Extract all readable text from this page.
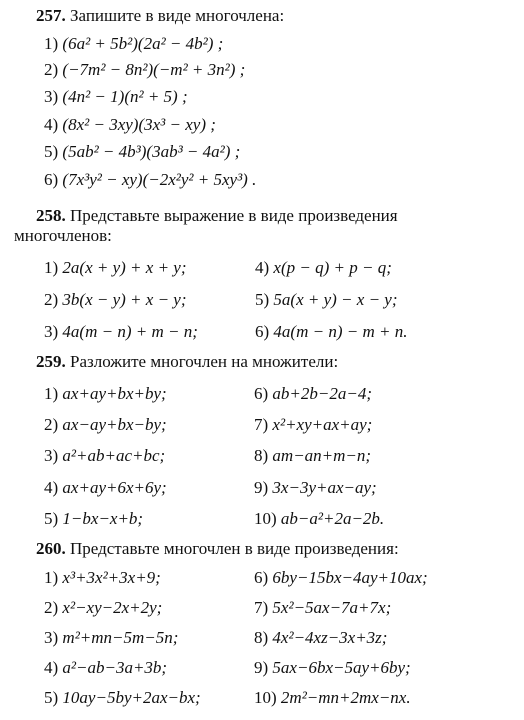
257. Запишите в виде многочлена:
1) (6a² + 5b²)(2a² − 4b²) ;
2) (−7m² − 8n²)(−m² + 3n²) ;
3) (4n² − 1)(n² + 5) ;
4) (8x² − 3xy)(3x³ − xy) ;
5) (5ab² − 4b³)(3ab³ − 4a²) ;
6) (7x³y² − xy)(−2x²y² + 5xy³) .
258. Представьте выражение в виде произведения
многочленов:
1) 2a(x + y) + x + y;	4) x(p − q) + p − q;
2) 3b(x − y) + x − y;	5) 5a(x + y) − x − y;
3) 4a(m − n) + m − n;	6) 4a(m − n) − m + n.
259. Разложите многочлен на множители:
1) ax+ay+bx+by;	6) ab+2b−2a−4;
2) ax−ay+bx−by;	7) x²+xy+ax+ay;
3) a²+ab+ac+bc;	8) am−an+m−n;
4) ax+ay+6x+6y;	9) 3x−3y+ax−ay;
5) 1−bx−x+b;	10) ab−a²+2a−2b.
260. Представьте многочлен в виде произведения:
1) x³+3x²+3x+9;	6) 6by−15bx−4ay+10ax;
2) x²−xy−2x+2y;	7) 5x²−5ax−7a+7x;
3) m²+mn−5m−5n;	8) 4x²−4xz−3x+3z;
4) a²−ab−3a+3b;	9) 5ax−6bx−5ay+6by;
5) 10ay−5by+2ax−bx;	10) 2m²−mn+2mx−nx.
